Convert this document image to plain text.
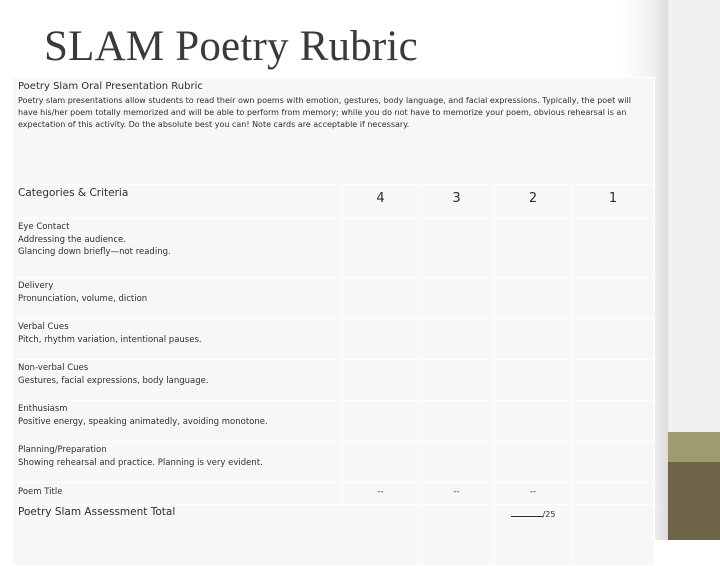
SLAM Poetry Rubric
Poetry Slam Oral Presentation Rubric
Poetry slam presentations allow students to read their own poems with emotion, gestures, body language, and facial expressions. Typically, the poet will have his/her poem totally memorized and will be able to perform from memory; while you do not have to memorize your poem, obvious rehearsal is an expectation of this activity. Do the absolute best you can! Note cards are acceptable if necessary.				

Categories & Criteria	4	3	2	1

Eye Contact
Addressing the audience.
Glancing down briefly—not reading.				

Delivery
Pronunciation, volume, diction				

Verbal Cues
Pitch, rhythm variation, intentional pauses.				

Non-verbal Cues
Gestures, facial expressions, body language.				

Enthusiasm
Positive energy, speaking animatedly, avoiding monotone.				

Planning/Preparation
Showing rehearsal and practice. Planning is very evident.				

Poem Title	--	--	--	
Poetry Slam Assessment Total			/25	
